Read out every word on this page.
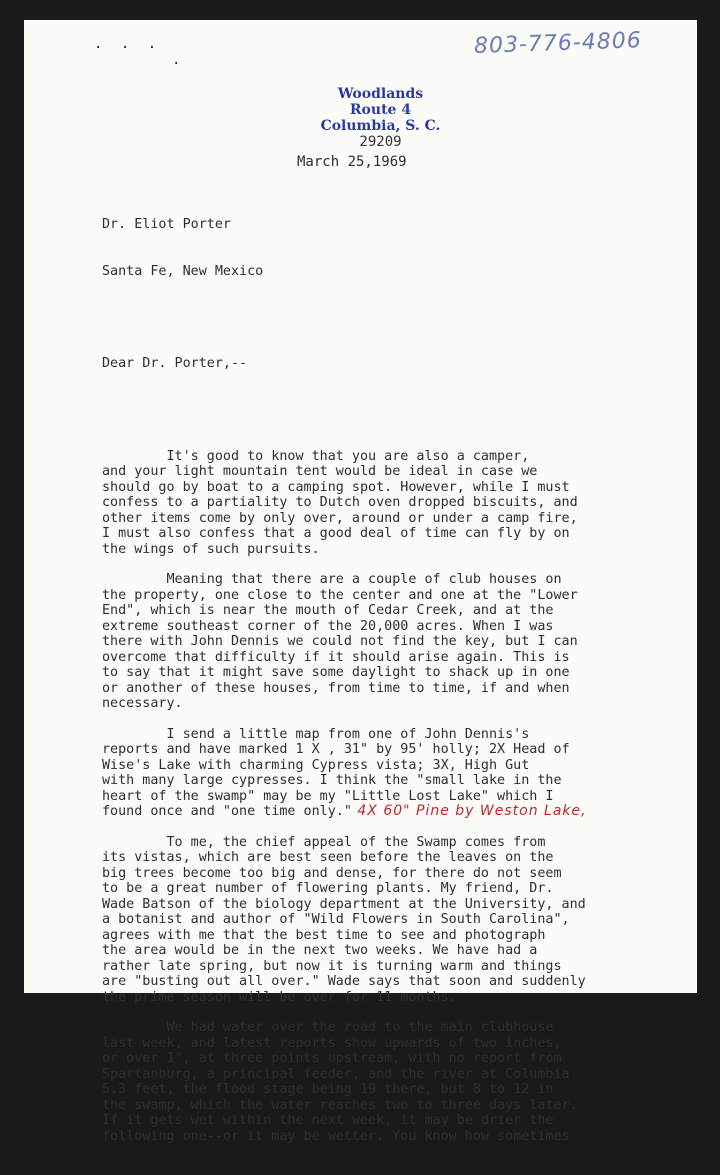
. . .
.
803-776-4806
Woodlands
Route 4
Columbia, S. C.
29209
March 25,1969

Dr. Eliot Porter

Santa Fe, New Mexico

Dear Dr. Porter,--

It's good to know that you are also a camper,
and your light mountain tent would be ideal in case we
should go by boat to a camping spot. However, while I must
confess to a partiality to Dutch oven dropped biscuits, and
other items come by only over, around or under a camp fire,
I must also confess that a good deal of time can fly by on
the wings of such pursuits.
Meaning that there are a couple of club houses on
the property, one close to the center and one at the "Lower
End", which is near the mouth of Cedar Creek, and at the
extreme southeast corner of the 20,000 acres. When I was
there with John Dennis we could not find the key, but I can
overcome that difficulty if it should arise again. This is
to say that it might save some daylight to shack up in one
or another of these houses, from time to time, if and when
necessary.
I send a little map from one of John Dennis's
reports and have marked 1 X , 31" by 95' holly; 2X Head of
Wise's Lake with charming Cypress vista; 3X, High Gut
with many large cypresses. I think the "small lake in the
heart of the swamp" may be my "Little Lost Lake" which I
found once and "one time only." 4X 60" Pine by Weston Lake,
To me, the chief appeal of the Swamp comes from
its vistas, which are best seen before the leaves on the
big trees become too big and dense, for there do not seem
to be a great number of flowering plants. My friend, Dr.
Wade Batson of the biology department at the University, and
a botanist and author of "Wild Flowers in South Carolina",
agrees with me that the best time to see and photograph
the area would be in the next two weeks. We have had a
rather late spring, but now it is turning warm and things
are "busting out all over." Wade says that soon and suddenly
the prime season will be over for 11 months.
We had water over the road to the main clubhouse
last week, and latest reports show upwards of two inches,
or over 1", at three points upstream, with no report from
Spartanburg, a principal feeder, and the river at Columbia
5.3 feet, the flood stage being 19 there, but 8 to 12 in
the swamp, which the water reaches two to three days later.
If it gets wet within the next week, it may be drier the
following one--or it may be wetter. You know how sometimes
